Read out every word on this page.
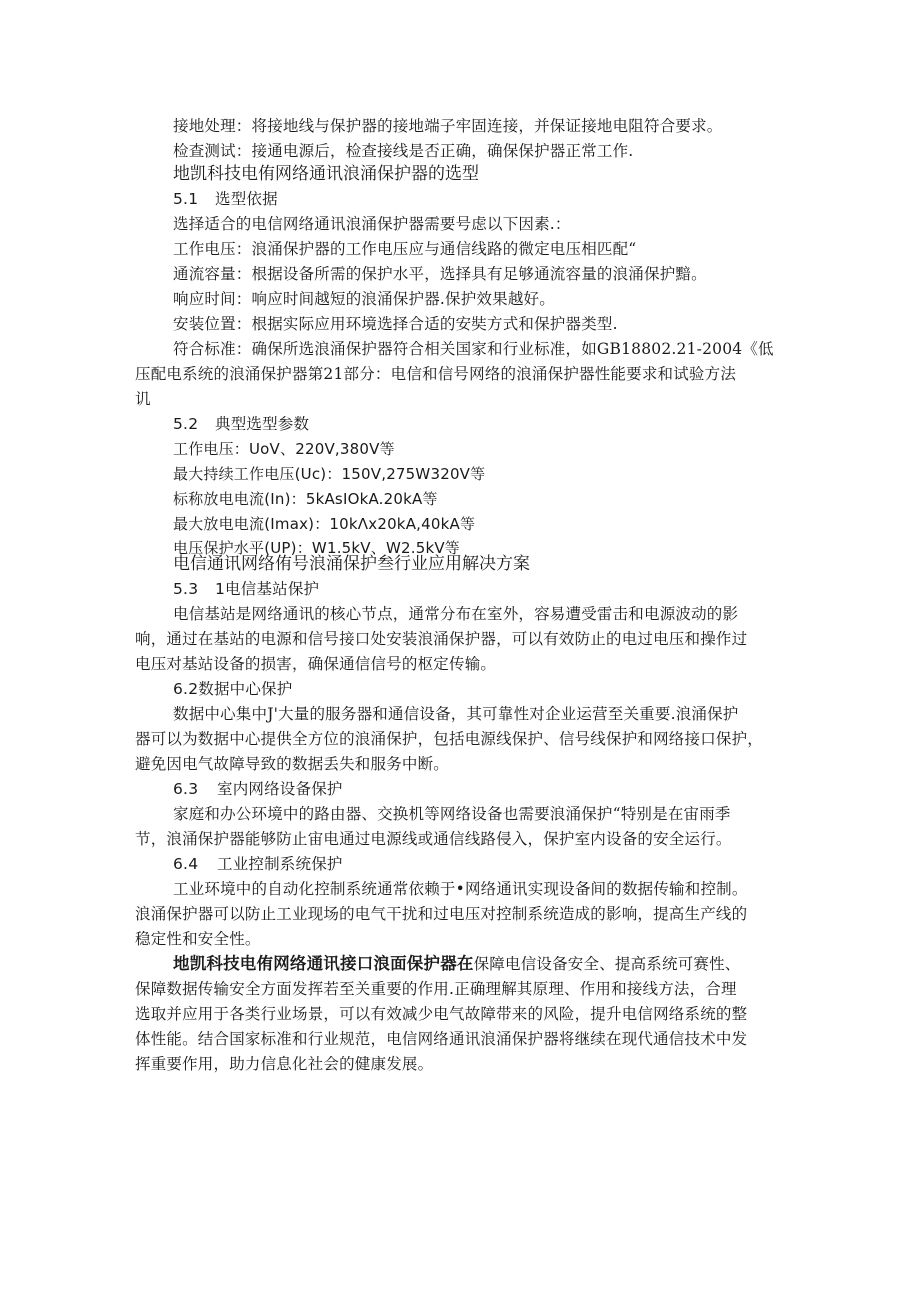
接地处理：将接地线与保护器的接地端子牢固连接，并保证接地电阻符合要求。
检查测试：接通电源后，检查接线是否正确，确保保护器正常工作.
地凯科技电侑网络通讯浪涌保护器的选型
5.1 选型依据
选择适合的电信网络通讯浪涌保护器需要号虑以下因素.：
工作电压：浪涌保护器的工作电压应与通信线路的微定电压相匹配“
通流容量：根据设备所需的保护水平，选择具有足够通流容量的浪涌保护黯。
响应时间：响应时间越短的浪涌保护器.保护效果越好。
安装位置：根据实际应用环境选择合适的安奘方式和保护器类型.
符合标准：确保所选浪涌保护器符合相关国家和行业标准，如GB18802.21-2004《低
压配电系统的浪涌保护器第21部分：电信和信号网络的浪涌保护器性能要求和试验方法
讥
5.2 典型选型参数
工作电压：UoV、220V,380V等
最大持续工作电压(Uc)：150V,275W320V等
标称放电电流(In)：5kAsIOkA.20kA等
最大放电电流(Imax)：10kΛx20kA,40kA等
电压保护水平(UP)：W1.5kV、W2.5kV等
电信通讯网络侑号浪涌保护叁行业应用解决方案
5.3 1电信基站保护
电信基站是网络通讯的核心节点，通常分布在室外，容易遭受雷击和电源波动的影
响，通过在基站的电源和信号接口处安装浪涌保护器，可以有效防止的电过电压和操作过
电压对基站设备的损害，确保通信信号的枢定传输。
6.2数据中心保护
数据中心集中J'大量的服务器和通信设备，其可靠性对企业运营至关重要.浪涌保护
器可以为数据中心提供全方位的浪涌保护，包括电源线保护、信号线保护和网络接口保护，
避免因电气故障导致的数据丢失和服务中断。
6.3 室内网络设备保护
家庭和办公环境中的路由器、交换机等网络设备也需要浪涌保护“特别是在宙雨季
节，浪涌保护器能够防止宙电通过电源线或通信线路侵入，保护室内设备的安全运行。
6.4 工业控制系统保护
工业环境中的自动化控制系统通常依赖于•网络通讯实现设备间的数据传输和控制。
浪涌保护器可以防止工业现场的电气干扰和过电压对控制系统造成的影响，提高生产线的
稳定性和安全性。
地凯科技电侑网络通讯接口浪面保护器在保障电信设备安全、提高系统可赛性、
保障数据传输安全方面发挥若至关重要的作用.正确理解其原理、作用和接线方法，合理
选取并应用于各类行业场景，可以有效减少电气故障带来的风险，提升电信网络系统的整
体性能。结合国家标准和行业规范，电信网络通讯浪涌保护器将继续在现代通信技术中发
挥重要作用，助力信息化社会的健康发展。
